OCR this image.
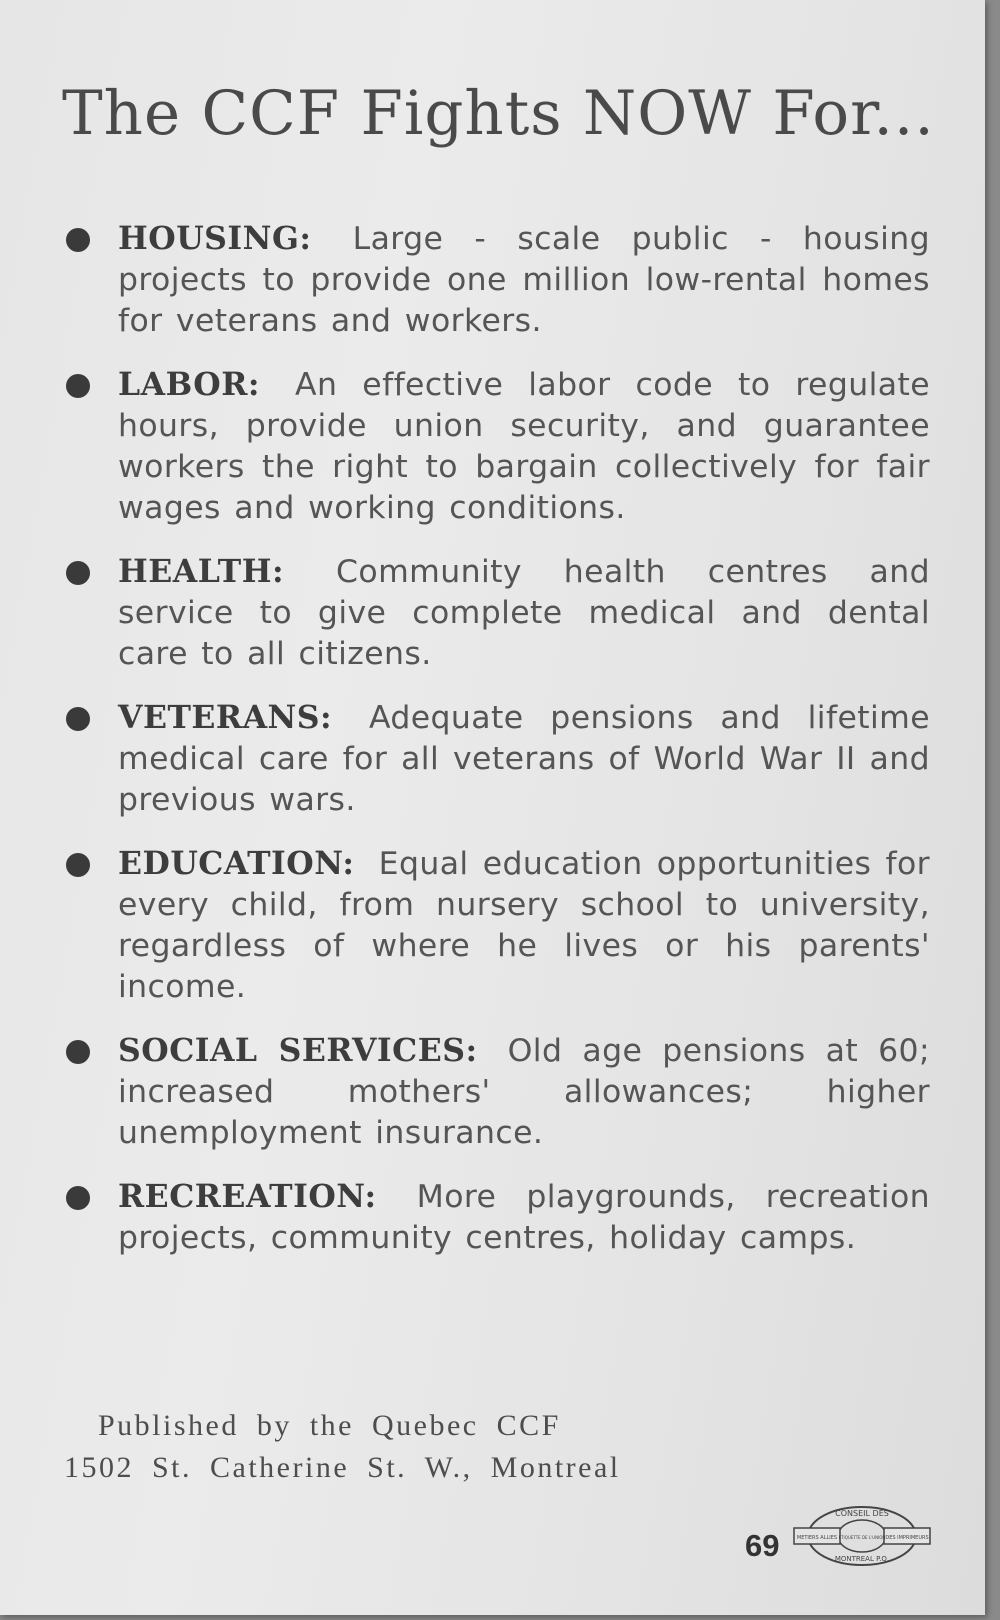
The CCF Fights NOW For...
HOUSING: Large - scale public - housing projects to provide one million low-rental homes for veterans and workers.
LABOR: An effective labor code to regulate hours, provide union security, and guarantee workers the right to bargain collectively for fair wages and working conditions.
HEALTH: Community health centres and service to give complete medical and dental care to all citizens.
VETERANS: Adequate pensions and lifetime medical care for all veterans of World War II and previous wars.
EDUCATION: Equal education opportunities for every child, from nursery school to university, regardless of where he lives or his parents' income.
SOCIAL SERVICES: Old age pensions at 60; increased mothers' allowances; higher unemployment insurance.
RECREATION: More playgrounds, recreation projects, community centres, holiday camps.
Published by the Quebec CCF
1502 St. Catherine St. W., Montreal
69
CONSEIL DES
METIERS ALLIES ETIQUETTE DE L'UNION DES IMPRIMEURS
MONTREAL P.Q.
